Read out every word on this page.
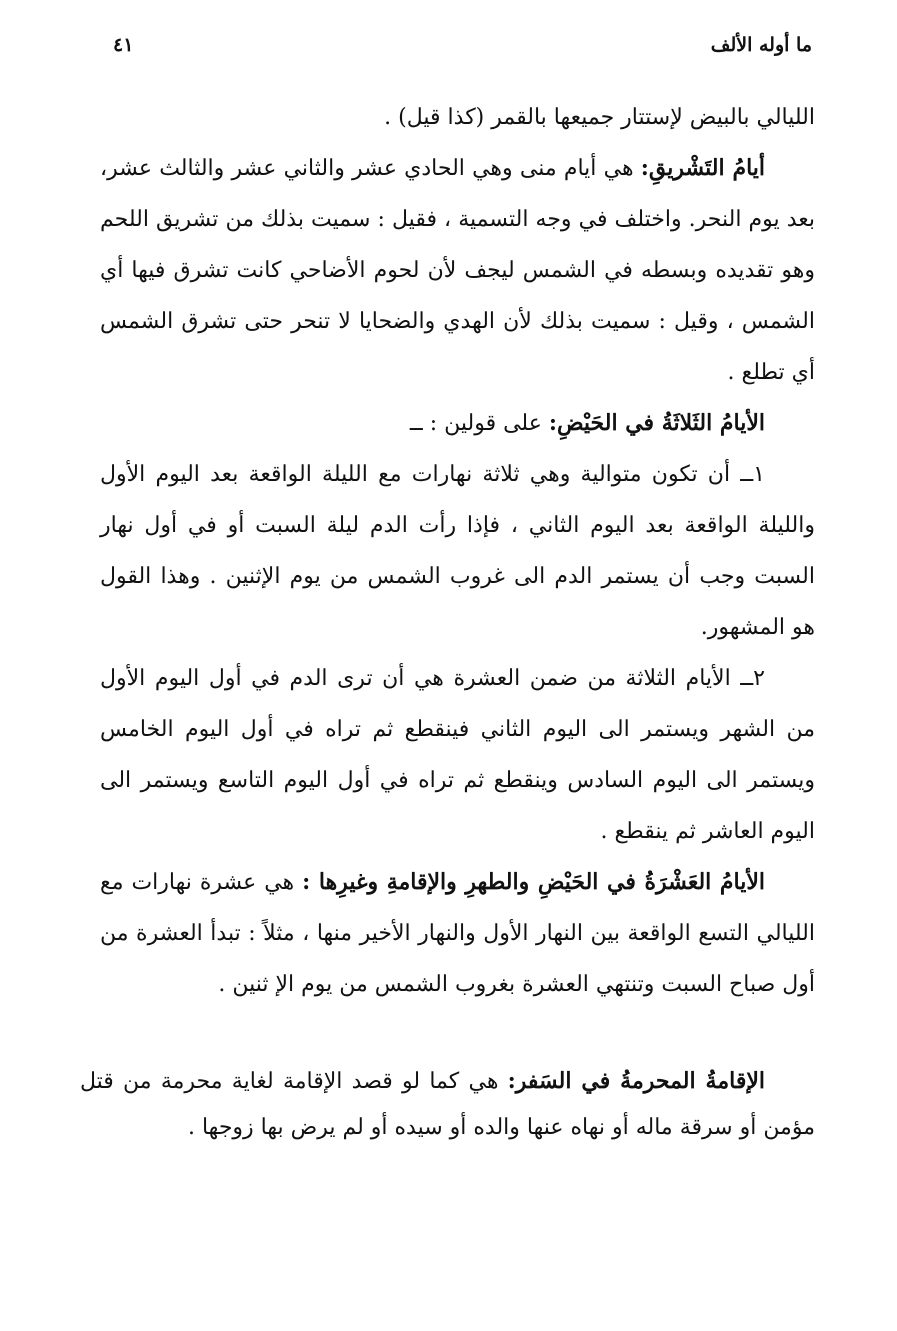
ما أوله الألف
٤١

الليالي بالبيض لإستتار جميعها بالقمر (كذا قيل) .

أيامُ التَشْريقِ: هي أيام منى وهي الحادي عشر والثاني عشر والثالث عشر، بعد يوم النحر. واختلف في وجه التسمية ، فقيل : سميت بذلك من تشريق اللحم وهو تقديده وبسطه في الشمس ليجف لأن لحوم الأضاحي كانت تشرق فيها أي الشمس ، وقيل : سميت بذلك لأن الهدي والضحايا لا تنحر حتى تشرق الشمس أي تطلع .

الأيامُ الثَلاثَةُ في الحَيْضِ: على قولين : ــ

١ــ أن تكون متوالية وهي ثلاثة نهارات مع الليلة الواقعة بعد اليوم الأول والليلة الواقعة بعد اليوم الثاني ، فإذا رأت الدم ليلة السبت أو في أول نهار السبت وجب أن يستمر الدم الى غروب الشمس من يوم الإثنين . وهذا القول هو المشهور.

٢ــ الأيام الثلاثة من ضمن العشرة هي أن ترى الدم في أول اليوم الأول من الشهر ويستمر الى اليوم الثاني فينقطع ثم تراه في أول اليوم الخامس ويستمر الى اليوم السادس وينقطع ثم تراه في أول اليوم التاسع ويستمر الى اليوم العاشر ثم ينقطع .

الأيامُ العَشْرَةُ في الحَيْضِ والطهرِ والإقامةِ وغيرِها : هي عشرة نهارات مع الليالي التسع الواقعة بين النهار الأول والنهار الأخير منها ، مثلاً : تبدأ العشرة من أول صباح السبت وتنتهي العشرة بغروب الشمس من يوم الإ ثنين .

الإقامةُ المحرمةُ في السَفر: هي كما لو قصد الإقامة لغاية محرمة من قتل مؤمن أو سرقة ماله أو نهاه عنها والده أو سيده أو لم يرض بها زوجها .
